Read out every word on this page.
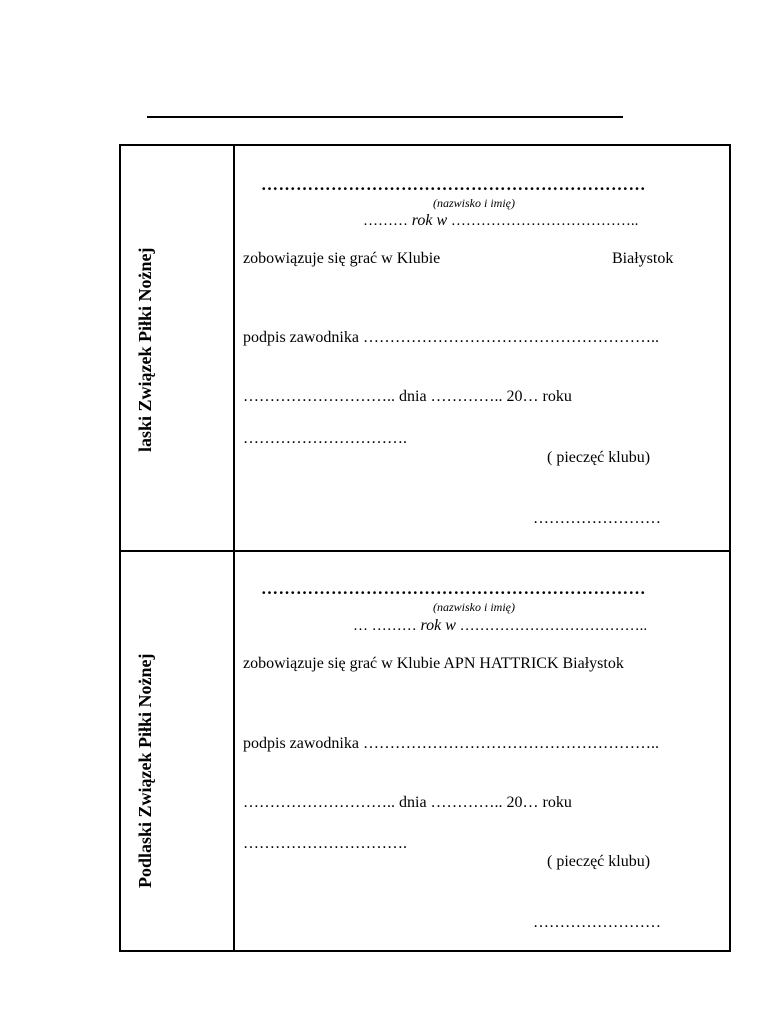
laski Związek Piłki Nożnej
…………………………………………………………
(nazwisko i imię)
……… rok w ………………………………..
zobowiązuje się grać w Klubie	Białystok
podpis zawodnika ………………………………………………..
……………………….. dnia ………….. 20… roku
………………………….
( pieczęć klubu)
……………………
Podlaski Związek Piłki Nożnej
…………………………………………………………
(nazwisko i imię)
… ……… rok w ………………………………..
zobowiązuje się grać w Klubie APN HATTRICK Białystok
podpis zawodnika ………………………………………………..
……………………….. dnia ………….. 20… roku
………………………….
( pieczęć klubu)
……………………
